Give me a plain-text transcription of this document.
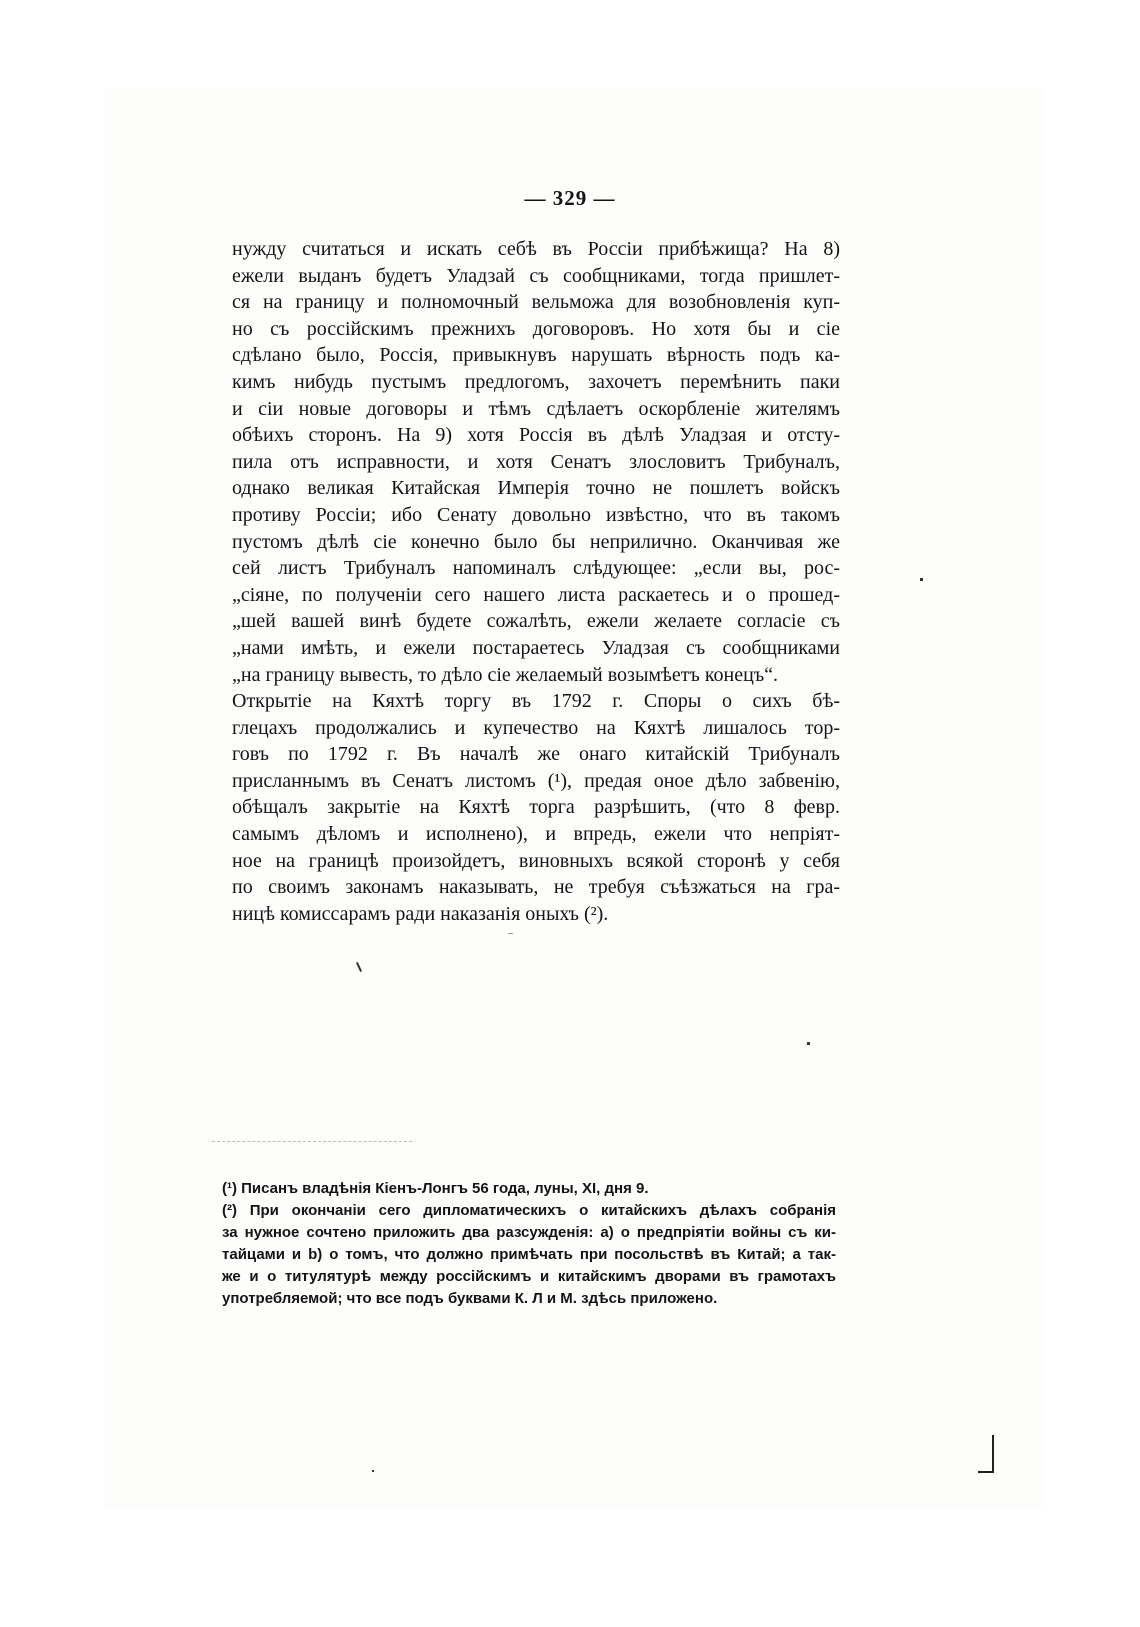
— 329 —
нужду считаться и искать себѣ въ Россіи прибѣжища? На 8)
ежели выданъ будетъ Уладзай съ сообщниками, тогда пришлет-
ся на границу и полномочный вельможа для возобновленія куп-
но съ россійскимъ прежнихъ договоровъ. Но хотя бы и сіе
сдѣлано было, Россія, привыкнувъ нарушать вѣрность подъ ка-
кимъ нибудь пустымъ предлогомъ, захочетъ перемѣнить паки
и сіи новые договоры и тѣмъ сдѣлаетъ оскорбленіе жителямъ
обѣихъ сторонъ. На 9) хотя Россія въ дѣлѣ Уладзая и отсту-
пила отъ исправности, и хотя Сенатъ злословитъ Трибуналъ,
однако великая Китайская Имперія точно не пошлетъ войскъ
противу Россіи; ибо Сенату довольно извѣстно, что въ такомъ
пустомъ дѣлѣ сіе конечно было бы неприлично. Оканчивая же
сей листъ Трибуналъ напоминалъ слѣдующее: „если вы, рос-
„сіяне, по полученіи сего нашего листа раскаетесь и о прошед-
„шей вашей винѣ будете сожалѣть, ежели желаете согласіе съ
„нами имѣть, и ежели постараетесь Уладзая съ сообщниками
„на границу вывесть, то дѣло сіе желаемый возымѣетъ конецъ“.
Открытіе на Кяхтѣ торгу въ 1792 г. Споры о сихъ бѣ-
глецахъ продолжались и купечество на Кяхтѣ лишалось тор-
говъ по 1792 г. Въ началѣ же онаго китайскій Трибуналъ
присланнымъ въ Сенатъ листомъ (¹), предая оное дѣло забвенію,
обѣщалъ закрытіе на Кяхтѣ торга разрѣшить, (что 8 февр.
самымъ дѣломъ и исполнено), и впредь, ежели что непріят-
ное на границѣ произойдетъ, виновныхъ всякой сторонѣ у себя
по своимъ законамъ наказывать, не требуя съѣзжаться на гра-
ницѣ комиссарамъ ради наказанія оныхъ (²).
(¹) Писанъ владѣнія Кіенъ-Лонгъ 56 года, луны, XI, дня 9.
(²) При окончаніи сего дипломатическихъ о китайскихъ дѣлахъ собранія
за нужное сочтено приложить два разсужденія: а) о предпріятіи войны съ ки-
тайцами и b) о томъ, что должно примѣчать при посольствѣ въ Китай; а так-
же и о титулятурѣ между россійскимъ и китайскимъ дворами въ грамотахъ
употребляемой; что все подъ буквами К. Л и М. здѣсь приложено.
